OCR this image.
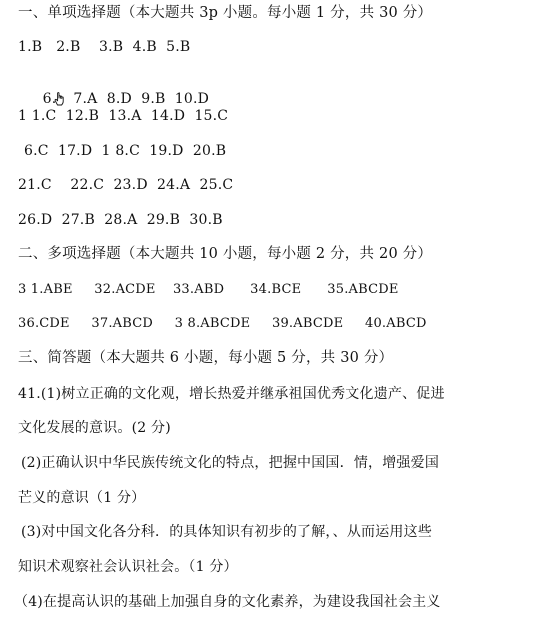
一、单项选择题（本大题共 3p 小题。每小题 1 分，共 30 分）
1.B   2.B    3.B  4.B  5.B

6. 7.A  8.D  9.B  10.D

1 1.C  12.B  13.A  14.D  15.C
6.C  17.D  1 8.C  19.D  20.B
21.C    22.C  23.D  24.A  25.C
26.D  27.B  28.A  29.B  30.B
二、多项选择题（本大题共 10 小题，每小题 2 分，共 20 分）
3 1.ABE     32.ACDE    33.ABD      34.BCE      35.ABCDE
36.CDE     37.ABCD     3 8.ABCDE     39.ABCDE     40.ABCD
三、简答题（本大题共 6 小题，每小题 5 分，共 30 分）
41.(1)树立正确的文化观，增长热爱并继承祖国优秀文化遗产、促进
文化发展的意识。(2 分)
(2)正确认识中华民族传统文化的特点，把握中国国．情，增强爱国
芒义的意识（1 分）
(3)对中国文化各分科．的具体知识有初步的了解，、从而运用这些
知识术观察社会认识社会。（1 分）
（4)在提高认识的基础上加强自身的文化素养，为建设我国社会主义
